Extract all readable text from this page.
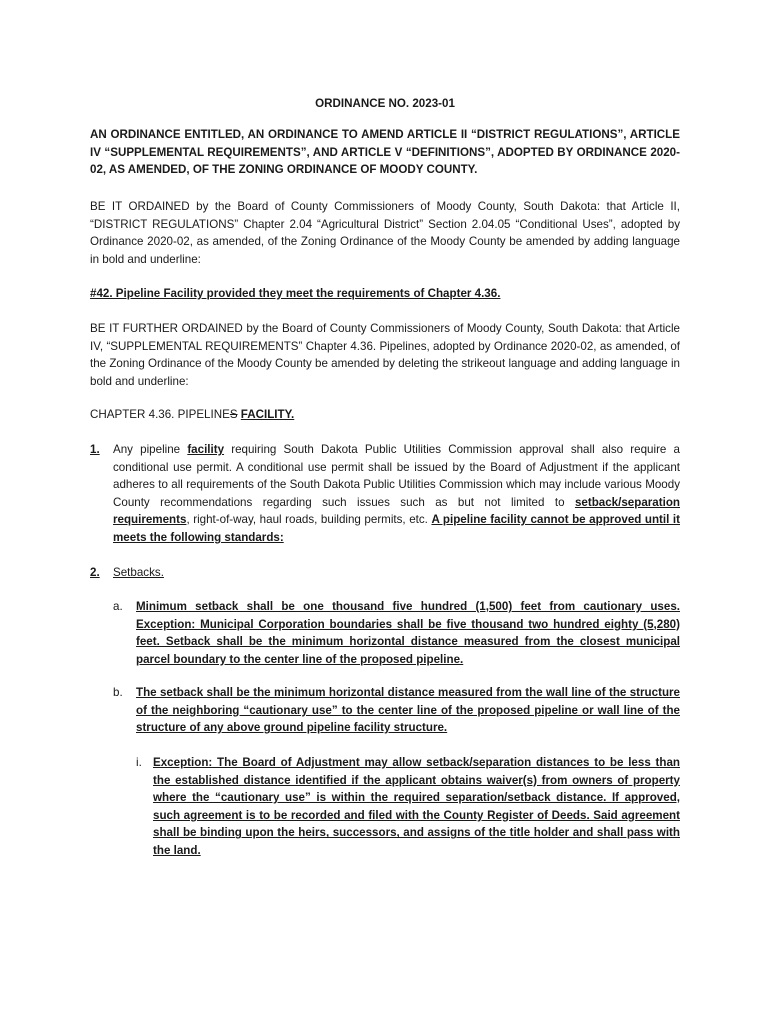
ORDINANCE NO. 2023-01

AN ORDINANCE ENTITLED, AN ORDINANCE TO AMEND ARTICLE II “DISTRICT REGULATIONS”, ARTICLE IV “SUPPLEMENTAL REQUIREMENTS”, AND ARTICLE V “DEFINITIONS”, ADOPTED BY ORDINANCE 2020-02, AS AMENDED, OF THE ZONING ORDINANCE OF MOODY COUNTY.

BE IT ORDAINED by the Board of County Commissioners of Moody County, South Dakota: that Article II, “DISTRICT REGULATIONS” Chapter 2.04 “Agricultural District” Section 2.04.05 “Conditional Uses”, adopted by Ordinance 2020-02, as amended, of the Zoning Ordinance of the Moody County be amended by adding language in bold and underline:

#42. Pipeline Facility provided they meet the requirements of Chapter 4.36.

BE IT FURTHER ORDAINED by the Board of County Commissioners of Moody County, South Dakota: that Article IV, “SUPPLEMENTAL REQUIREMENTS” Chapter 4.36. Pipelines, adopted by Ordinance 2020-02, as amended, of the Zoning Ordinance of the Moody County be amended by deleting the strikeout language and adding language in bold and underline:

CHAPTER 4.36. PIPELINES FACILITY.

1. Any pipeline facility requiring South Dakota Public Utilities Commission approval shall also require a conditional use permit. A conditional use permit shall be issued by the Board of Adjustment if the applicant adheres to all requirements of the South Dakota Public Utilities Commission which may include various Moody County recommendations regarding such issues such as but not limited to setback/separation requirements, right-of-way, haul roads, building permits, etc. A pipeline facility cannot be approved until it meets the following standards:

2. Setbacks.
a. Minimum setback shall be one thousand five hundred (1,500) feet from cautionary uses. Exception: Municipal Corporation boundaries shall be five thousand two hundred eighty (5,280) feet. Setback shall be the minimum horizontal distance measured from the closest municipal parcel boundary to the center line of the proposed pipeline.

b. The setback shall be the minimum horizontal distance measured from the wall line of the structure of the neighboring “cautionary use” to the center line of the proposed pipeline or wall line of the structure of any above ground pipeline facility structure.

i. Exception: The Board of Adjustment may allow setback/separation distances to be less than the established distance identified if the applicant obtains waiver(s) from owners of property where the “cautionary use” is within the required separation/setback distance. If approved, such agreement is to be recorded and filed with the County Register of Deeds. Said agreement shall be binding upon the heirs, successors, and assigns of the title holder and shall pass with the land.
